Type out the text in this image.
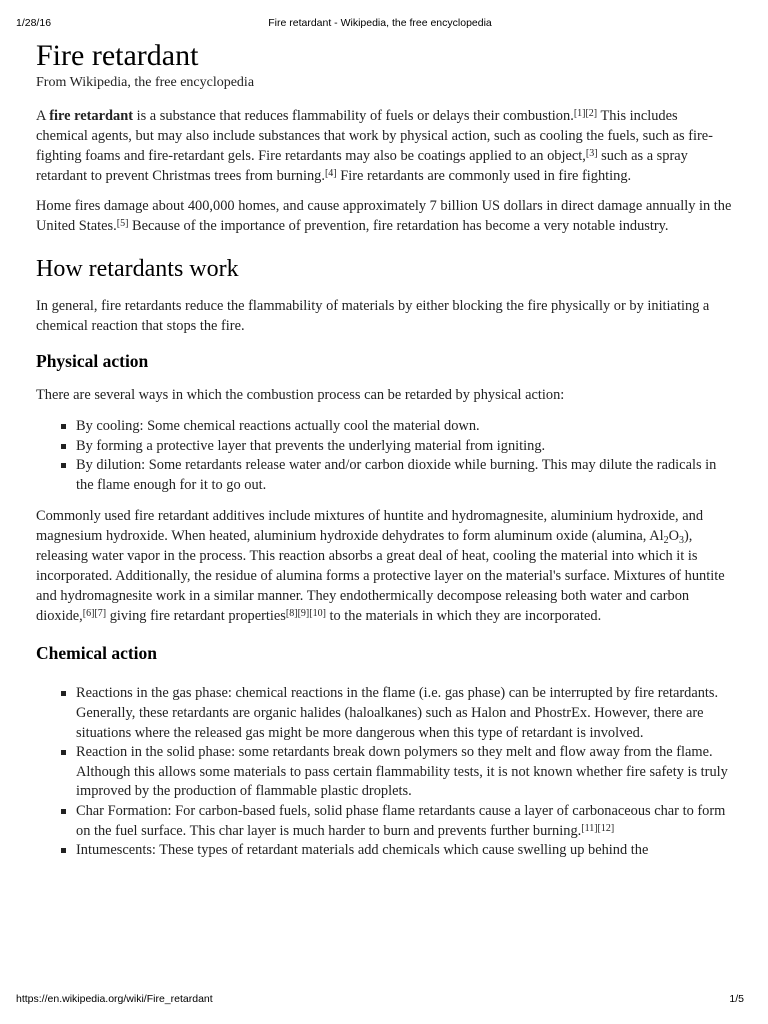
1/28/16	Fire retardant - Wikipedia, the free encyclopedia
Fire retardant
From Wikipedia, the free encyclopedia

A fire retardant is a substance that reduces flammability of fuels or delays their combustion.[1][2] This includes chemical agents, but may also include substances that work by physical action, such as cooling the fuels, such as fire-fighting foams and fire-retardant gels. Fire retardants may also be coatings applied to an object,[3] such as a spray retardant to prevent Christmas trees from burning.[4] Fire retardants are commonly used in fire fighting.

Home fires damage about 400,000 homes, and cause approximately 7 billion US dollars in direct damage annually in the United States.[5] Because of the importance of prevention, fire retardation has become a very notable industry.

How retardants work

In general, fire retardants reduce the flammability of materials by either blocking the fire physically or by initiating a chemical reaction that stops the fire.

Physical action

There are several ways in which the combustion process can be retarded by physical action:

By cooling: Some chemical reactions actually cool the material down.
By forming a protective layer that prevents the underlying material from igniting.
By dilution: Some retardants release water and/or carbon dioxide while burning. This may dilute the radicals in the flame enough for it to go out.

Commonly used fire retardant additives include mixtures of huntite and hydromagnesite, aluminium hydroxide, and magnesium hydroxide. When heated, aluminium hydroxide dehydrates to form aluminum oxide (alumina, $Al_2O_3$), releasing water vapor in the process. This reaction absorbs a great deal of heat, cooling the material into which it is incorporated. Additionally, the residue of alumina forms a protective layer on the material's surface. Mixtures of huntite and hydromagnesite work in a similar manner. They endothermically decompose releasing both water and carbon dioxide,[6][7] giving fire retardant properties[8][9][10] to the materials in which they are incorporated.

Chemical action
Reactions in the gas phase: chemical reactions in the flame (i.e. gas phase) can be interrupted by fire retardants. Generally, these retardants are organic halides (haloalkanes) such as Halon and PhostrEx. However, there are situations where the released gas might be more dangerous when this type of retardant is involved.
Reaction in the solid phase: some retardants break down polymers so they melt and flow away from the flame. Although this allows some materials to pass certain flammability tests, it is not known whether fire safety is truly improved by the production of flammable plastic droplets.
Char Formation: For carbon-based fuels, solid phase flame retardants cause a layer of carbonaceous char to form on the fuel surface. This char layer is much harder to burn and prevents further burning.[11][12]
Intumescents: These types of retardant materials add chemicals which cause swelling up behind the
https://en.wikipedia.org/wiki/Fire_retardant	1/5
